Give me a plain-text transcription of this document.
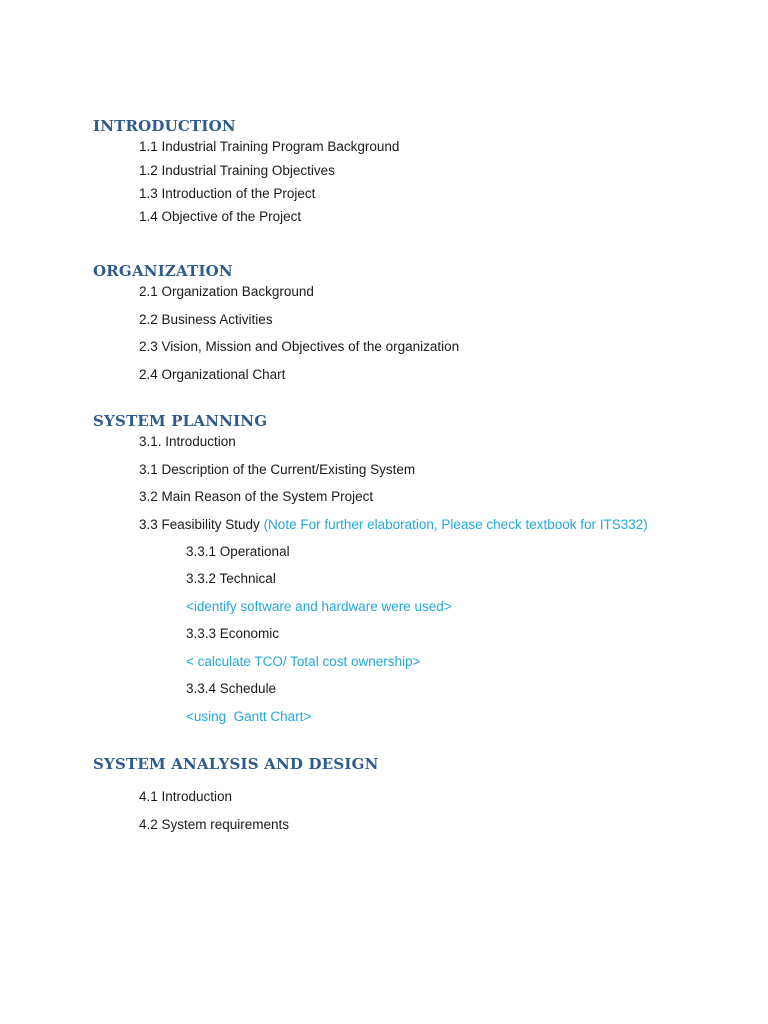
INTRODUCTION
1.1 Industrial Training Program Background
1.2 Industrial Training Objectives
1.3 Introduction of the Project
1.4 Objective of the Project
ORGANIZATION
2.1 Organization Background
2.2 Business Activities
2.3 Vision, Mission and Objectives of the organization
2.4 Organizational Chart
SYSTEM PLANNING
3.1. Introduction
3.1 Description of the Current/Existing System
3.2 Main Reason of the System Project
3.3 Feasibility Study (Note For further elaboration, Please check textbook for ITS332)
3.3.1 Operational
3.3.2 Technical
<identify software and hardware were used>
3.3.3 Economic
< calculate TCO/ Total cost ownership>
3.3.4 Schedule
<using  Gantt Chart>
SYSTEM ANALYSIS AND DESIGN
4.1 Introduction
4.2 System requirements
